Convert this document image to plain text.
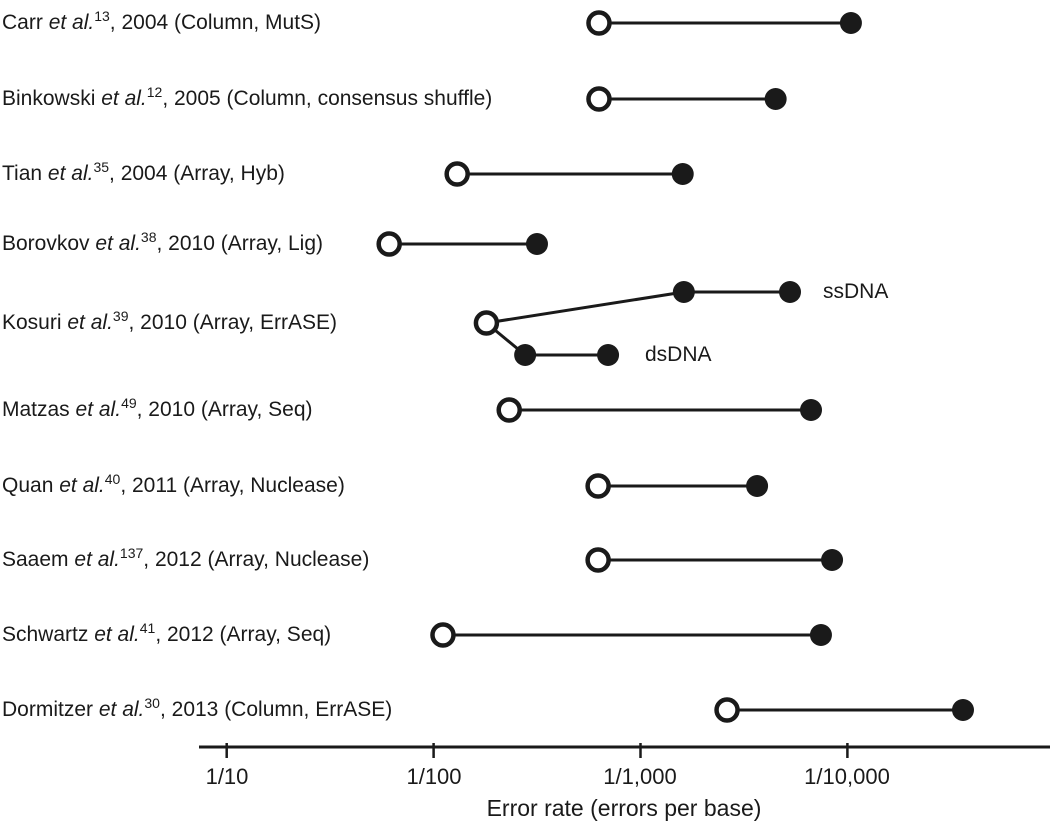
Carr et al.$^{13}$, 2004 (Column, MutS)
Binkowski et al.$^{12}$, 2005 (Column, consensus shuffle)
Tian et al.$^{35}$, 2004 (Array, Hyb)
Borovkov et al.$^{38}$, 2010 (Array, Lig)
Kosuri et al.$^{39}$, 2010 (Array, ErrASE)
Matzas et al.$^{49}$, 2010 (Array, Seq)
Quan et al.$^{40}$, 2011 (Array, Nuclease)
Saaem et al.$^{137}$, 2012 (Array, Nuclease)
Schwartz et al.$^{41}$, 2012 (Array, Seq)
Dormitzer et al.$^{30}$, 2013 (Column, ErrASE)
ssDNA
dsDNA
1/10	1/100	1/1,000	1/10,000
Error rate (errors per base)
